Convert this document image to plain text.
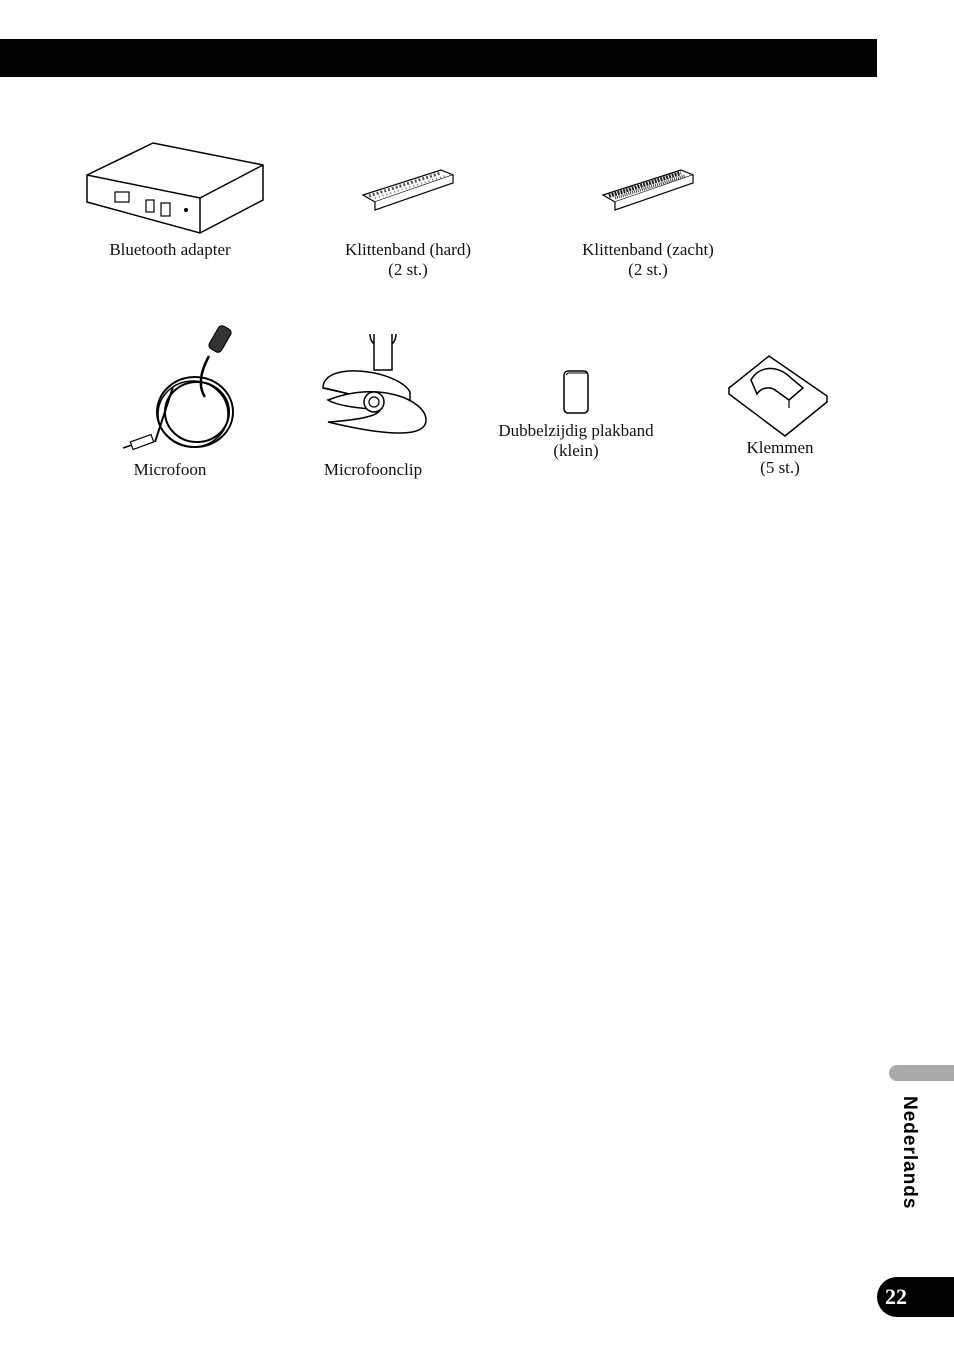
Bluetooth adapter	Klittenband (hard)
(2 st.)
Klittenband (zacht)
(2 st.)
Microfoon	Microfoonclip
Dubbelzijdig plakband
(klein)	Klemmen
(5 st.)
Nederlands
22
